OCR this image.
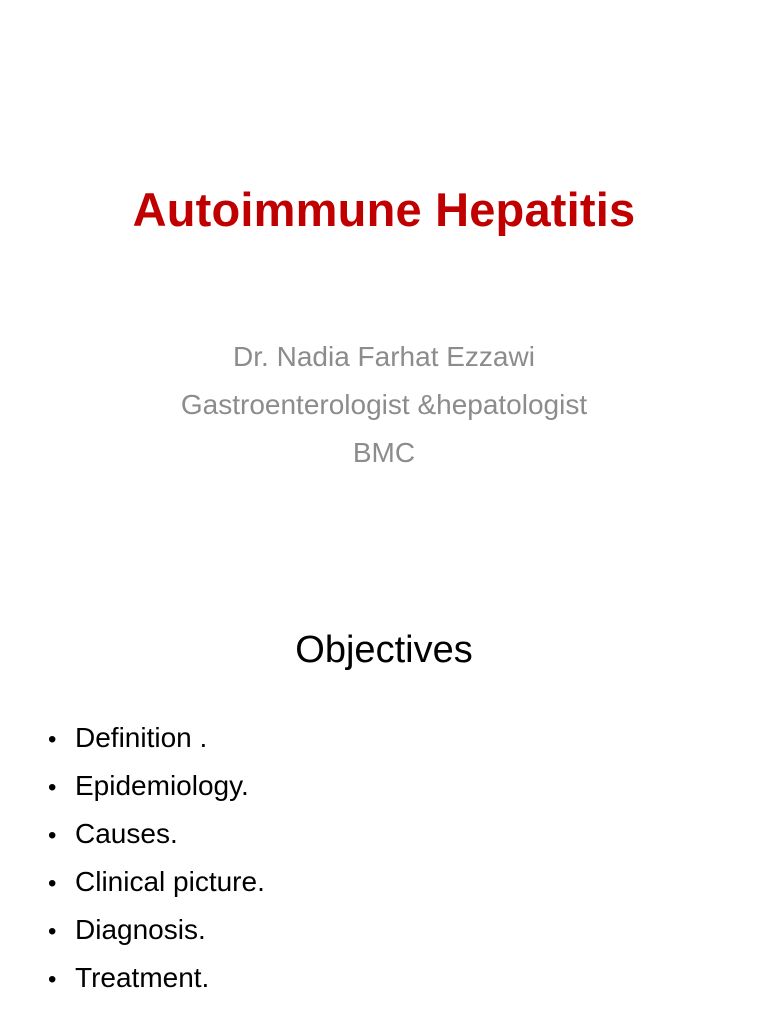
Autoimmune Hepatitis
Dr. Nadia Farhat Ezzawi
Gastroenterologist &hepatologist
BMC
Objectives
• Definition .
• Epidemiology.
• Causes.
• Clinical picture.
• Diagnosis.
• Treatment.
